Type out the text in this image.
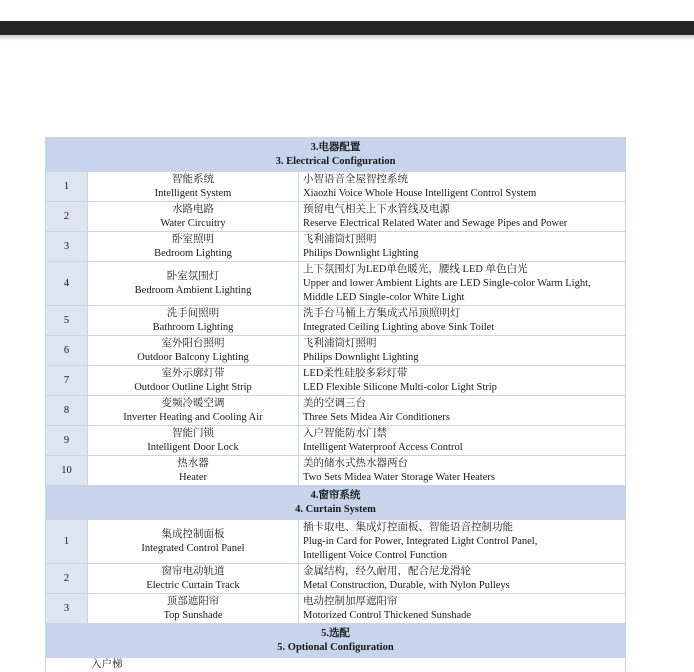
3.电器配置
3. Electrical Configuration		

1	智能系统
Intelligent System	小智语音全屋智控系统
Xiaozhi Voice Whole House Intelligent Control System

2	水路电路
Water Circuitry	预留电气相关上下水管线及电源
Reserve Electrical Related Water and Sewage Pipes and Power

3	卧室照明
Bedroom Lighting	飞利浦筒灯照明
Philips Downlight Lighting

4	卧室氛围灯
Bedroom Ambient Lighting	上下氛围灯为LED单色暖光，腰线 LED 单色白光
Upper and lower Ambient Lights are LED Single-color Warm Light,
Middle LED Single-color White Light

5	洗手间照明
Bathroom Lighting	洗手台马桶上方集成式吊顶照明灯
Integrated Ceiling Lighting above Sink Toilet

6	室外阳台照明
Outdoor Balcony Lighting	飞利浦筒灯照明
Philips Downlight Lighting

7	室外示廓灯带
Outdoor Outline Light Strip	LED柔性硅胶多彩灯带
LED Flexible Silicone Multi-color Light Strip

8	变频冷暖空调
Inverter Heating and Cooling Air	美的空调三台
Three Sets Midea Air Conditioners

9	智能门锁
Intelligent Door Lock	入户智能防水门禁
Intelligent Waterproof Access Control

10	热水器
Heater	美的储水式热水器两台
Two Sets Midea Water Storage Water Heaters

4.窗帘系统
4. Curtain System		

1	集成控制面板
Integrated Control Panel	插卡取电、集成灯控面板、智能语音控制功能
Plug-in Card for Power, Integrated Light Control Panel,
Intelligent Voice Control Function

2	窗帘电动轨道
Electric Curtain Track	金属结构，经久耐用，配合尼龙滑轮
Metal Construction, Durable, with Nylon Pulleys

3	顶部遮阳帘
Top Sunshade	电动控制加厚遮阳帘
Motorized Control Thickened Sunshade

5.选配
5. Optional Configuration		

入户梯		
